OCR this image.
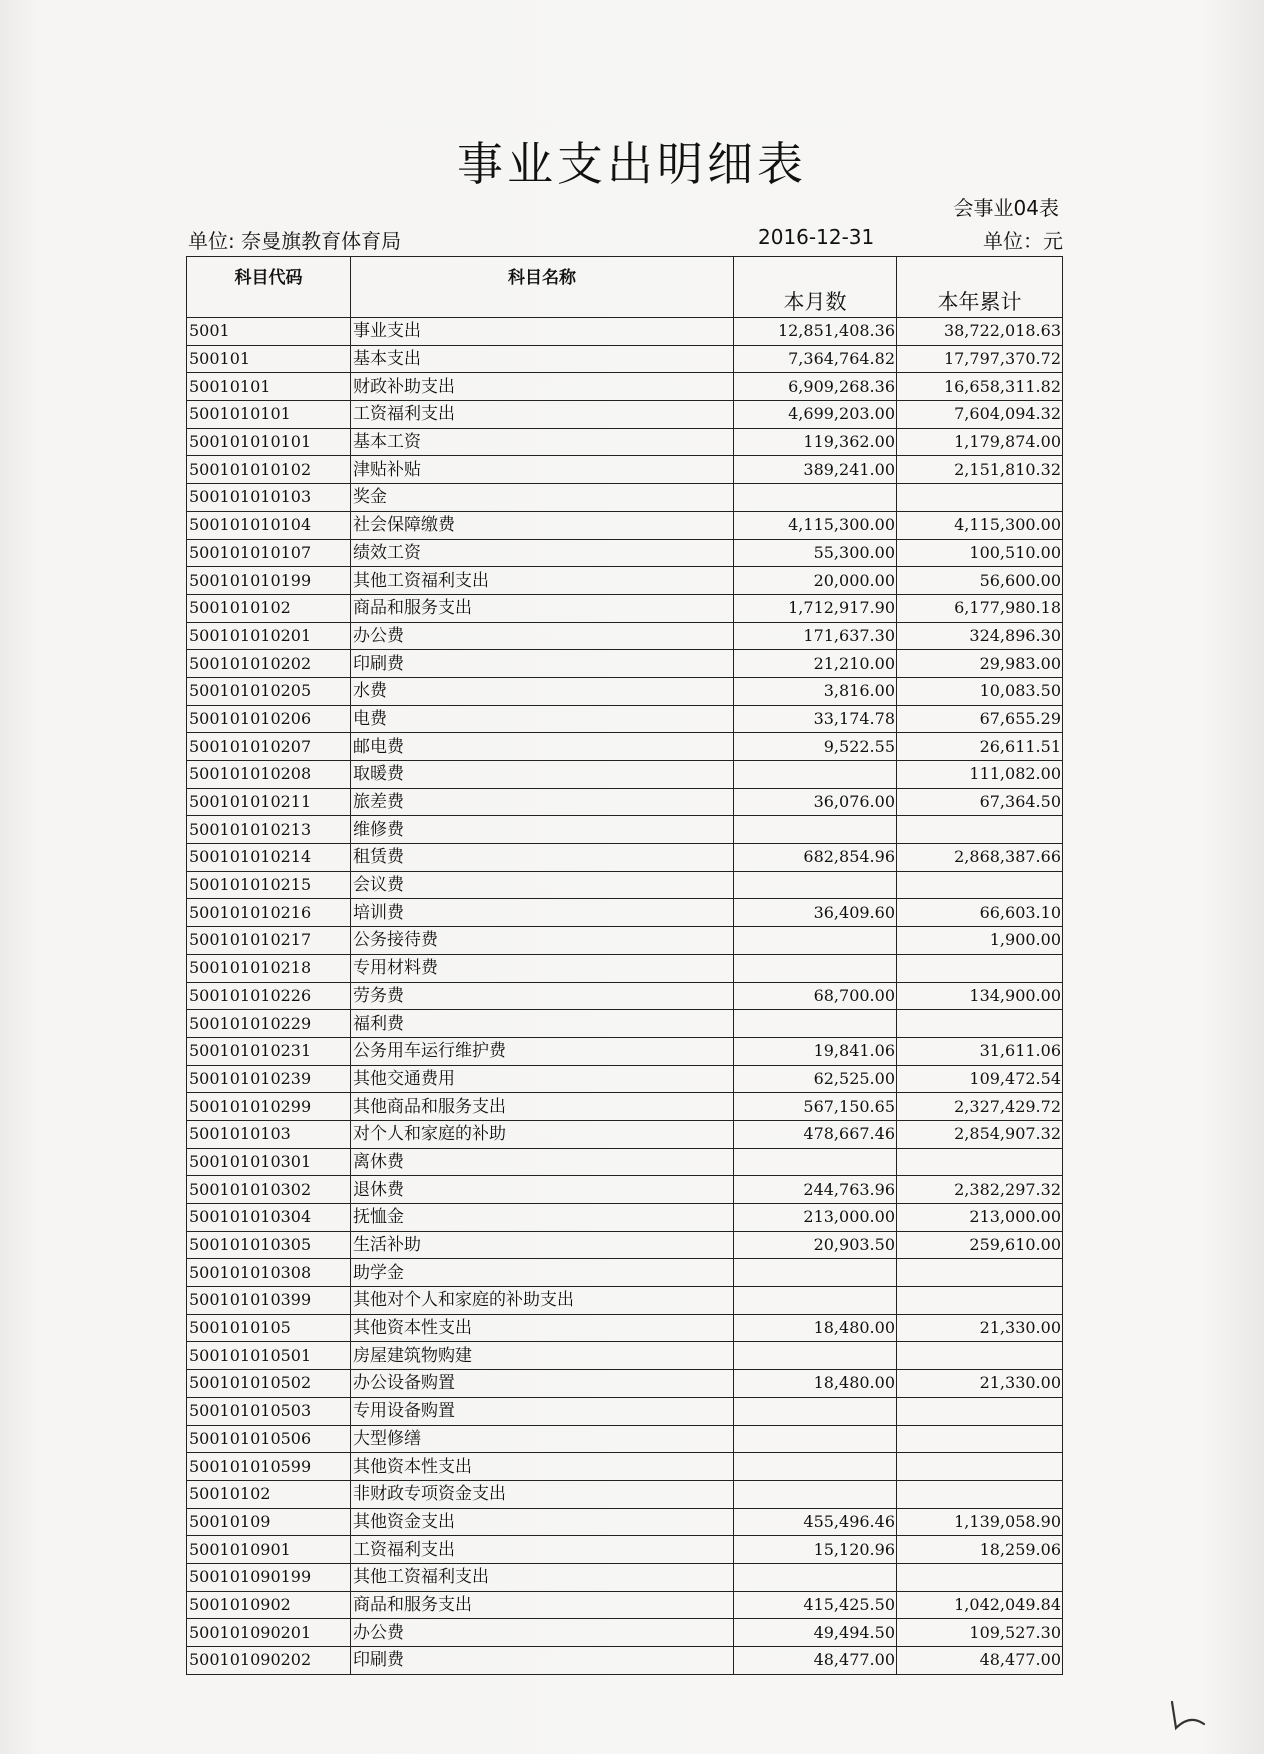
事业支出明细表
会事业04表
单位: 奈曼旗教育体育局	2016-12-31	单位：元
科目代码	科目名称	本月数	本年累计
5001	事业支出	12,851,408.36	38,722,018.63
500101	基本支出	7,364,764.82	17,797,370.72
50010101	财政补助支出	6,909,268.36	16,658,311.82
5001010101	工资福利支出	4,699,203.00	7,604,094.32
500101010101	基本工资	119,362.00	1,179,874.00
500101010102	津贴补贴	389,241.00	2,151,810.32
500101010103	奖金		
500101010104	社会保障缴费	4,115,300.00	4,115,300.00
500101010107	绩效工资	55,300.00	100,510.00
500101010199	其他工资福利支出	20,000.00	56,600.00
5001010102	商品和服务支出	1,712,917.90	6,177,980.18
500101010201	办公费	171,637.30	324,896.30
500101010202	印刷费	21,210.00	29,983.00
500101010205	水费	3,816.00	10,083.50
500101010206	电费	33,174.78	67,655.29
500101010207	邮电费	9,522.55	26,611.51
500101010208	取暖费		111,082.00
500101010211	旅差费	36,076.00	67,364.50
500101010213	维修费		
500101010214	租赁费	682,854.96	2,868,387.66
500101010215	会议费		
500101010216	培训费	36,409.60	66,603.10
500101010217	公务接待费		1,900.00
500101010218	专用材料费		
500101010226	劳务费	68,700.00	134,900.00
500101010229	福利费		
500101010231	公务用车运行维护费	19,841.06	31,611.06
500101010239	其他交通费用	62,525.00	109,472.54
500101010299	其他商品和服务支出	567,150.65	2,327,429.72
5001010103	对个人和家庭的补助	478,667.46	2,854,907.32
500101010301	离休费		
500101010302	退休费	244,763.96	2,382,297.32
500101010304	抚恤金	213,000.00	213,000.00
500101010305	生活补助	20,903.50	259,610.00
500101010308	助学金		
500101010399	其他对个人和家庭的补助支出		
5001010105	其他资本性支出	18,480.00	21,330.00
500101010501	房屋建筑物购建		
500101010502	办公设备购置	18,480.00	21,330.00
500101010503	专用设备购置		
500101010506	大型修缮		
500101010599	其他资本性支出		
50010102	非财政专项资金支出		
50010109	其他资金支出	455,496.46	1,139,058.90
5001010901	工资福利支出	15,120.96	18,259.06
500101090199	其他工资福利支出		
5001010902	商品和服务支出	415,425.50	1,042,049.84
500101090201	办公费	49,494.50	109,527.30
500101090202	印刷费	48,477.00	48,477.00
